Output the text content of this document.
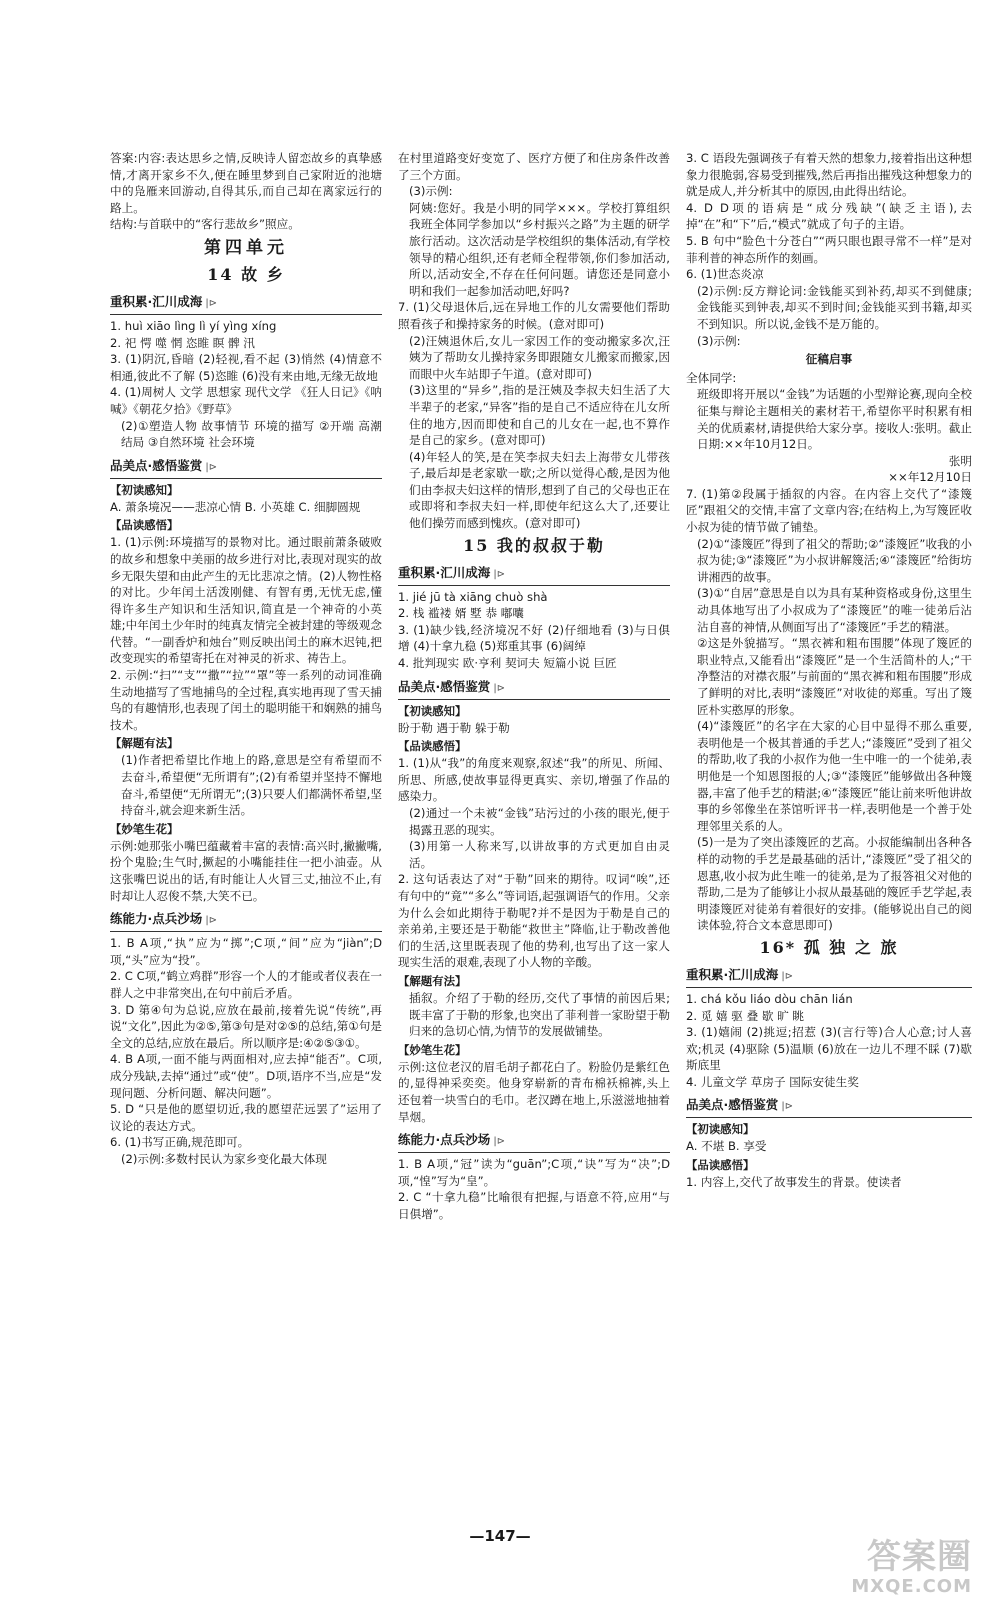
答案:内容:表达思乡之情,反映诗人留恋故乡的真挚感情,才离开家乡不久,便在睡里梦到自己家附近的池塘中的凫雁来回游动,自得其乐,而自己却在离家远行的路上。

结构:与首联中的“客行悲故乡”照应。

第四单元
14 故 乡
重积累·汇川成海 |⊳

1. huì xiāo lìng lì yí yìng xíng

2. 祀 愕 噬 惘 恣睢 瞑 髀 汛

3. (1)阴沉,昏暗 (2)轻视,看不起 (3)悄然 (4)情意不相通,彼此不了解 (5)恣睢 (6)没有来由地,无缘无故地

4. (1)周树人 文学 思想家 现代文学 《狂人日记》《呐喊》《朝花夕拾》《野草》

(2)①塑造人物 故事情节 环境的描写 ②开端 高潮 结局 ③自然环境 社会环境

品美点·感悟鉴赏 |⊳
【初读感知】

A. 萧条境况——悲凉心情 B. 小英雄 C. 细脚圆规

【品读感悟】

1. (1)示例:环境描写的景物对比。通过眼前萧条破败的故乡和想象中美丽的故乡进行对比,表现对现实的故乡无限失望和由此产生的无比悲凉之情。(2)人物性格的对比。少年闰土活泼刚健、有智有勇,无忧无虑,懂得许多生产知识和生活知识,简直是一个神奇的小英雄;中年闰土少年时的纯真友情完全被封建的等级观念代替。“一副香炉和烛台”则反映出闰土的麻木迟钝,把改变现实的希望寄托在对神灵的祈求、祷告上。

2. 示例:“扫”“支”“撒”“拉”“罩”等一系列的动词准确生动地描写了雪地捕鸟的全过程,真实地再现了雪天捕鸟的有趣情形,也表现了闰土的聪明能干和娴熟的捕鸟技术。

【解题有法】

(1)作者把希望比作地上的路,意思是空有希望而不去奋斗,希望便“无所谓有”;(2)有希望并坚持不懈地奋斗,希望便“无所谓无”;(3)只要人们都满怀希望,坚持奋斗,就会迎来新生活。

【妙笔生花】

示例:她那张小嘴巴蕴藏着丰富的表情:高兴时,撇撇嘴,扮个鬼脸;生气时,撅起的小嘴能挂住一把小油壶。从这张嘴巴说出的话,有时能让人火冒三丈,抽泣不止,有时却让人忍俊不禁,大笑不已。

练能力·点兵沙场 |⊳

1. B A项,“执”应为“掷”;C项,“间”应为“jiàn”;D项,“头”应为“投”。

2. C C项,“鹤立鸡群”形容一个人的才能或者仪表在一群人之中非常突出,在句中前后矛盾。

3. D 第④句为总说,应放在最前,接着先说“传统”,再说“文化”,因此为②⑤,第③句是对②⑤的总结,第①句是全文的总结,应放在最后。所以顺序是:④②⑤③①。

4. B A项,一面不能与两面相对,应去掉“能否”。C项,成分残缺,去掉“通过”或“使”。D项,语序不当,应是“发现问题、分析问题、解决问题”。

5. D “只是他的愿望切近,我的愿望茫远罢了”运用了议论的表达方式。

6. (1)书写正确,规范即可。

(2)示例:多数村民认为家乡变化最大体现

在村里道路变好变宽了、医疗方便了和住房条件改善了三个方面。

(3)示例:

阿姨:您好。我是小明的同学×××。学校打算组织我班全体同学参加以“乡村振兴之路”为主题的研学旅行活动。这次活动是学校组织的集体活动,有学校领导的精心组织,还有老师全程带领,你们参加活动,所以,活动安全,不存在任何问题。请您还是同意小明和我们一起参加活动吧,好吗?

7. (1)父母退休后,远在异地工作的儿女需要他们帮助照看孩子和操持家务的时候。(意对即可)

(2)汪姨退休后,女儿一家因工作的变动搬家多次,汪姨为了帮助女儿操持家务即跟随女儿搬家而搬家,因而眼中火车站即子午道。(意对即可)

(3)这里的“异乡”,指的是汪姨及李叔夫妇生活了大半辈子的老家,“异客”指的是自己不适应待在儿女所住的地方,因而即使和自己的儿女在一起,也不算作是自己的家乡。(意对即可)

(4)年轻人的笑,是在笑李叔夫妇去上海带女儿带孩子,最后却是老家歇一歇;之所以觉得心酸,是因为他们由李叔夫妇这样的情形,想到了自己的父母也正在或即将和李叔夫妇一样,即使年纪这么大了,还要让他们操劳而感到愧疚。(意对即可)

15 我的叔叔于勒
重积累·汇川成海 |⊳

1. jié jū tà xiāng chuò shà

2. 栈 褴褛 婿 墅 恭 嘟囔

3. (1)缺少钱,经济境况不好 (2)仔细地看 (3)与日俱增 (4)十拿九稳 (5)郑重其事 (6)阔绰

4. 批判现实 欧·亨利 契诃夫 短篇小说 巨匠

品美点·感悟鉴赏 |⊳
【初读感知】

盼于勒 遇于勒 躲于勒

【品读感悟】

1. (1)从“我”的角度来观察,叙述“我”的所见、所闻、所思、所感,使故事显得更真实、亲切,增强了作品的感染力。

(2)通过一个未被“金钱”玷污过的小孩的眼光,便于揭露丑恶的现实。

(3)用第一人称来写,以讲故事的方式更加自由灵活。

2. 这句话表达了对“于勒”回来的期待。叹词“唉”,还有句中的“竟”“多么”等词语,起强调语气的作用。父亲为什么会如此期待于勒呢?并不是因为于勒是自己的亲弟弟,主要还是于勒能“救世主”降临,让于勒改善他们的生活,这里既表现了他的势利,也写出了这一家人现实生活的艰难,表现了小人物的辛酸。

【解题有法】

插叙。介绍了于勒的经历,交代了事情的前因后果;既丰富了于勒的形象,也突出了菲利普一家盼望于勒归来的急切心情,为情节的发展做铺垫。

【妙笔生花】

示例:这位老汉的眉毛胡子都花白了。粉脸仍是紫红色的,显得神采奕奕。他身穿崭新的青布棉袄棉裤,头上还包着一块雪白的毛巾。老汉蹲在地上,乐滋滋地抽着旱烟。

练能力·点兵沙场 |⊳

1. B A项,“冠”读为“guān”;C项,“诀”写为“决”;D项,“惶”写为“皇”。

2. C “十拿九稳”比喻很有把握,与语意不符,应用“与日俱增”。

3. C 语段先强调孩子有着天然的想象力,接着指出这种想象力很脆弱,容易受到摧残,然后再指出摧残这种想象力的就是成人,并分析其中的原因,由此得出结论。

4. D D项的语病是“成分残缺”(缺乏主语),去掉“在”和“下”后,“模式”就成了句子的主语。

5. B 句中“脸色十分苍白”“两只眼也跟寻常不一样”是对菲利普的神态所作的刻画。

6. (1)世态炎凉

(2)示例:反方辩论词:金钱能买到补药,却买不到健康;金钱能买到钟表,却买不到时间;金钱能买到书籍,却买不到知识。所以说,金钱不是万能的。

(3)示例:

征稿启事

全体同学:

班级即将开展以“金钱”为话题的小型辩论赛,现向全校征集与辩论主题相关的素材若干,希望你平时积累有相关的优质素材,请提供给大家分享。接收人:张明。截止日期:××年10月12日。

张明

××年12月10日

7. (1)第②段属于插叙的内容。在内容上交代了“漆篾匠”跟祖父的交情,丰富了文章内容;在结构上,为写篾匠收小叔为徒的情节做了铺垫。

(2)①“漆篾匠”得到了祖父的帮助;②“漆篾匠”收我的小叔为徒;③“漆篾匠”为小叔讲解篾活;④“漆篾匠”给街坊讲湘西的故事。

(3)①“自居”意思是自以为具有某种资格或身份,这里生动具体地写出了小叔成为了“漆篾匠”的唯一徒弟后沾沾自喜的神情,从侧面写出了“漆篾匠”手艺的精湛。

②这是外貌描写。“黑衣裤和粗布围腰”体现了篾匠的职业特点,又能看出“漆篾匠”是一个生活简朴的人;“干净整洁的对襟衣服”与前面的“黑衣裤和粗布围腰”形成了鲜明的对比,表明“漆篾匠”对收徒的郑重。写出了篾匠朴实憨厚的形象。

(4)“漆篾匠”的名字在大家的心目中显得不那么重要,表明他是一个极其普通的手艺人;“漆篾匠”受到了祖父的帮助,收了我的小叔作为他一生中唯一的一个徒弟,表明他是一个知恩图报的人;③“漆篾匠”能够做出各种篾器,丰富了他手艺的精湛;④“漆篾匠”能让前来听他讲故事的乡邻像坐在茶馆听评书一样,表明他是一个善于处理邻里关系的人。

(5)一是为了突出漆篾匠的艺高。小叔能编制出各种各样的动物的手艺是最基础的活计,“漆篾匠”受了祖父的恩惠,收小叔为此生唯一的徒弟,是为了报答祖父对他的帮助,二是为了能够让小叔从最基础的篾匠手艺学起,表明漆篾匠对徒弟有着很好的安排。(能够说出自己的阅读体验,符合文本意思即可)

16* 孤 独 之 旅
重积累·汇川成海 |⊳

1. chá kǒu liáo dòu chān lián

2. 觅 嬉 驱 叠 歇 旷 眺

3. (1)嬉闹 (2)挑逗;招惹 (3)(言行等)合人心意;讨人喜欢;机灵 (4)驱除 (5)温顺 (6)放在一边儿不理不睬 (7)歇斯底里

4. 儿童文学 草房子 国际安徒生奖

品美点·感悟鉴赏 |⊳
【初读感知】

A. 不堪 B. 享受

【品读感悟】

1. 内容上,交代了故事发生的背景。使读者

—147—
答案圈
MXQE.COM
